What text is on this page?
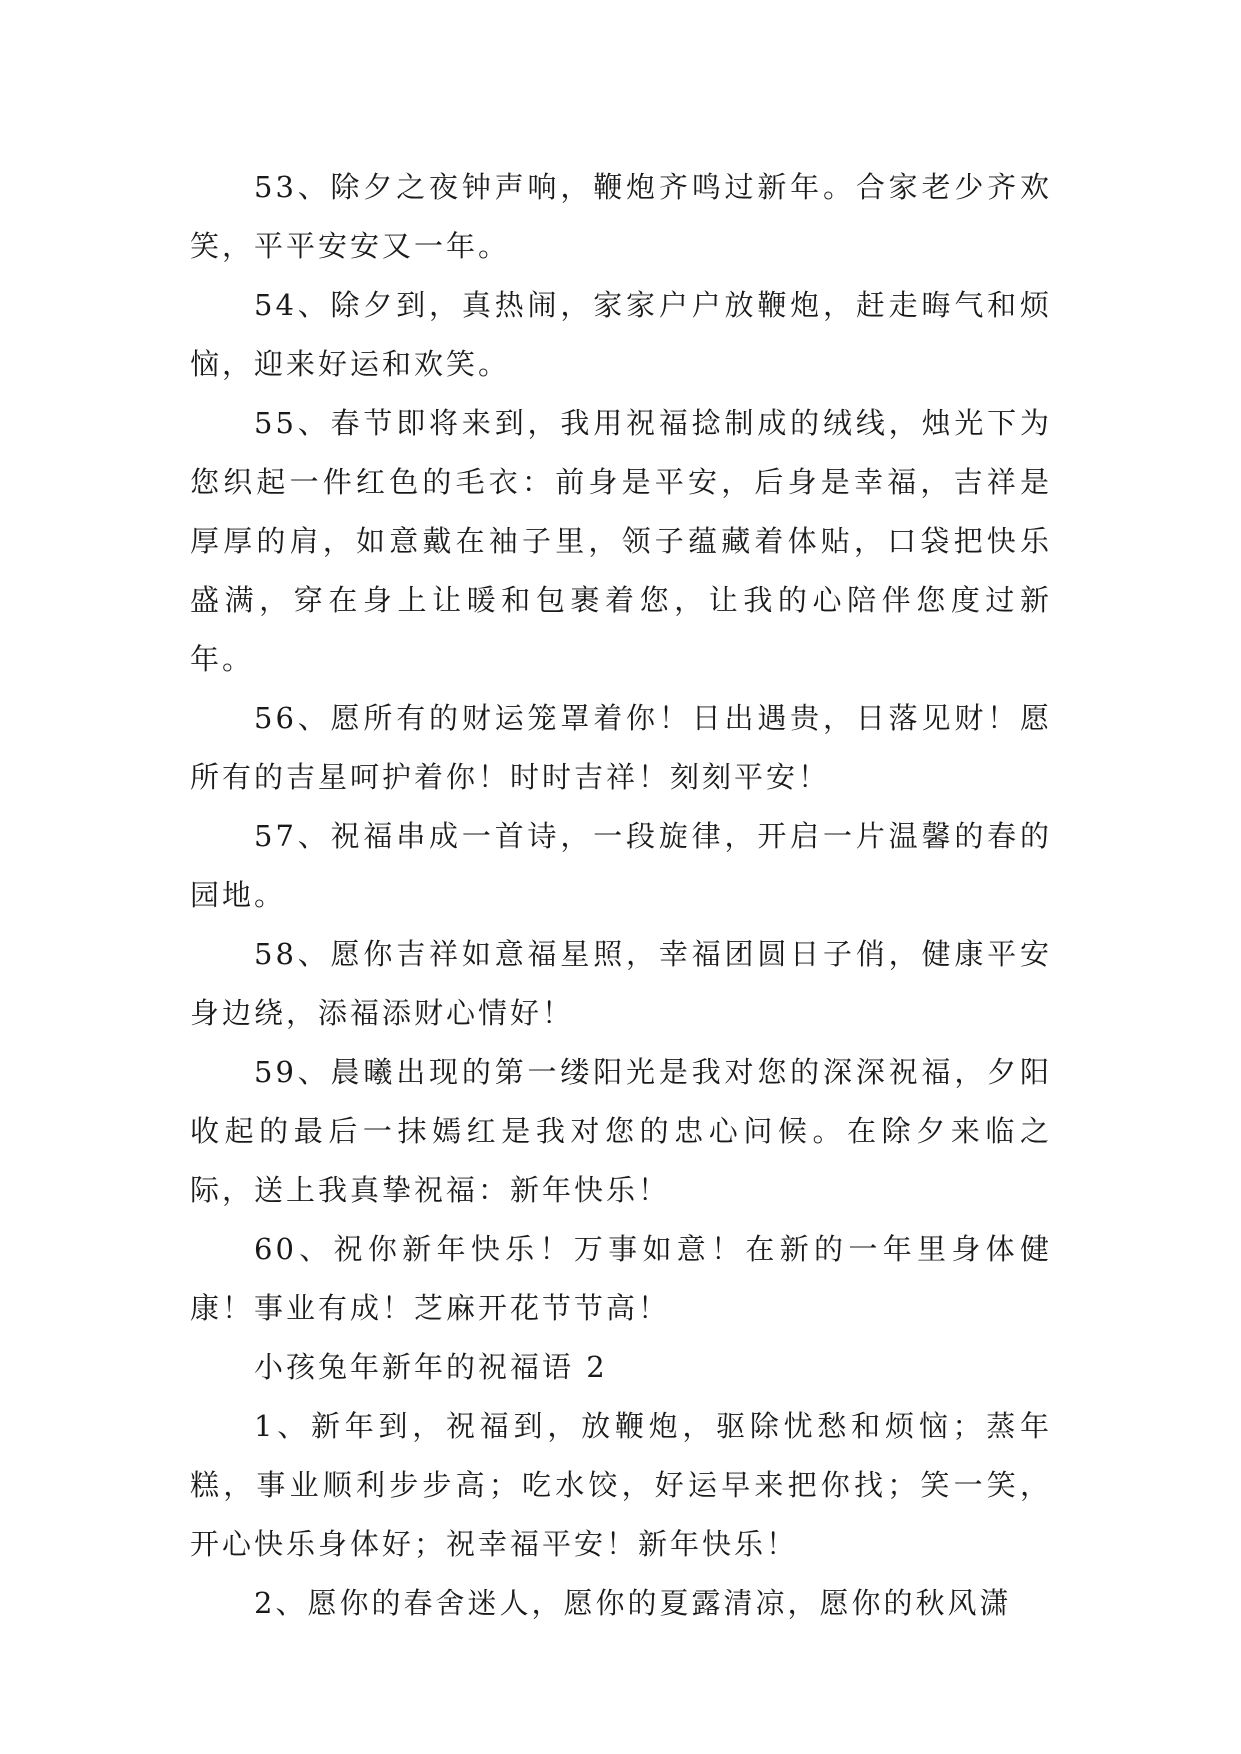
53、除夕之夜钟声响，鞭炮齐鸣过新年。合家老少齐欢笑，平平安安又一年。

54、除夕到，真热闹，家家户户放鞭炮，赶走晦气和烦恼，迎来好运和欢笑。

55、春节即将来到，我用祝福捻制成的绒线，烛光下为您织起一件红色的毛衣：前身是平安，后身是幸福，吉祥是厚厚的肩，如意戴在袖子里，领子蕴藏着体贴，口袋把快乐盛满，穿在身上让暖和包裹着您，让我的心陪伴您度过新年。

56、愿所有的财运笼罩着你！日出遇贵，日落见财！愿所有的吉星呵护着你！时时吉祥！刻刻平安！

57、祝福串成一首诗，一段旋律，开启一片温馨的春的园地。

58、愿你吉祥如意福星照，幸福团圆日子俏，健康平安身边绕，添福添财心情好！

59、晨曦出现的第一缕阳光是我对您的深深祝福，夕阳收起的最后一抹嫣红是我对您的忠心问候。在除夕来临之际，送上我真挚祝福：新年快乐！

60、祝你新年快乐！万事如意！在新的一年里身体健康！事业有成！芝麻开花节节高！

小孩兔年新年的祝福语 2

1、新年到，祝福到，放鞭炮，驱除忧愁和烦恼；蒸年糕，事业顺利步步高；吃水饺，好运早来把你找；笑一笑，开心快乐身体好；祝幸福平安！新年快乐！

2、愿你的春舍迷人，愿你的夏露清凉，愿你的秋风潇
